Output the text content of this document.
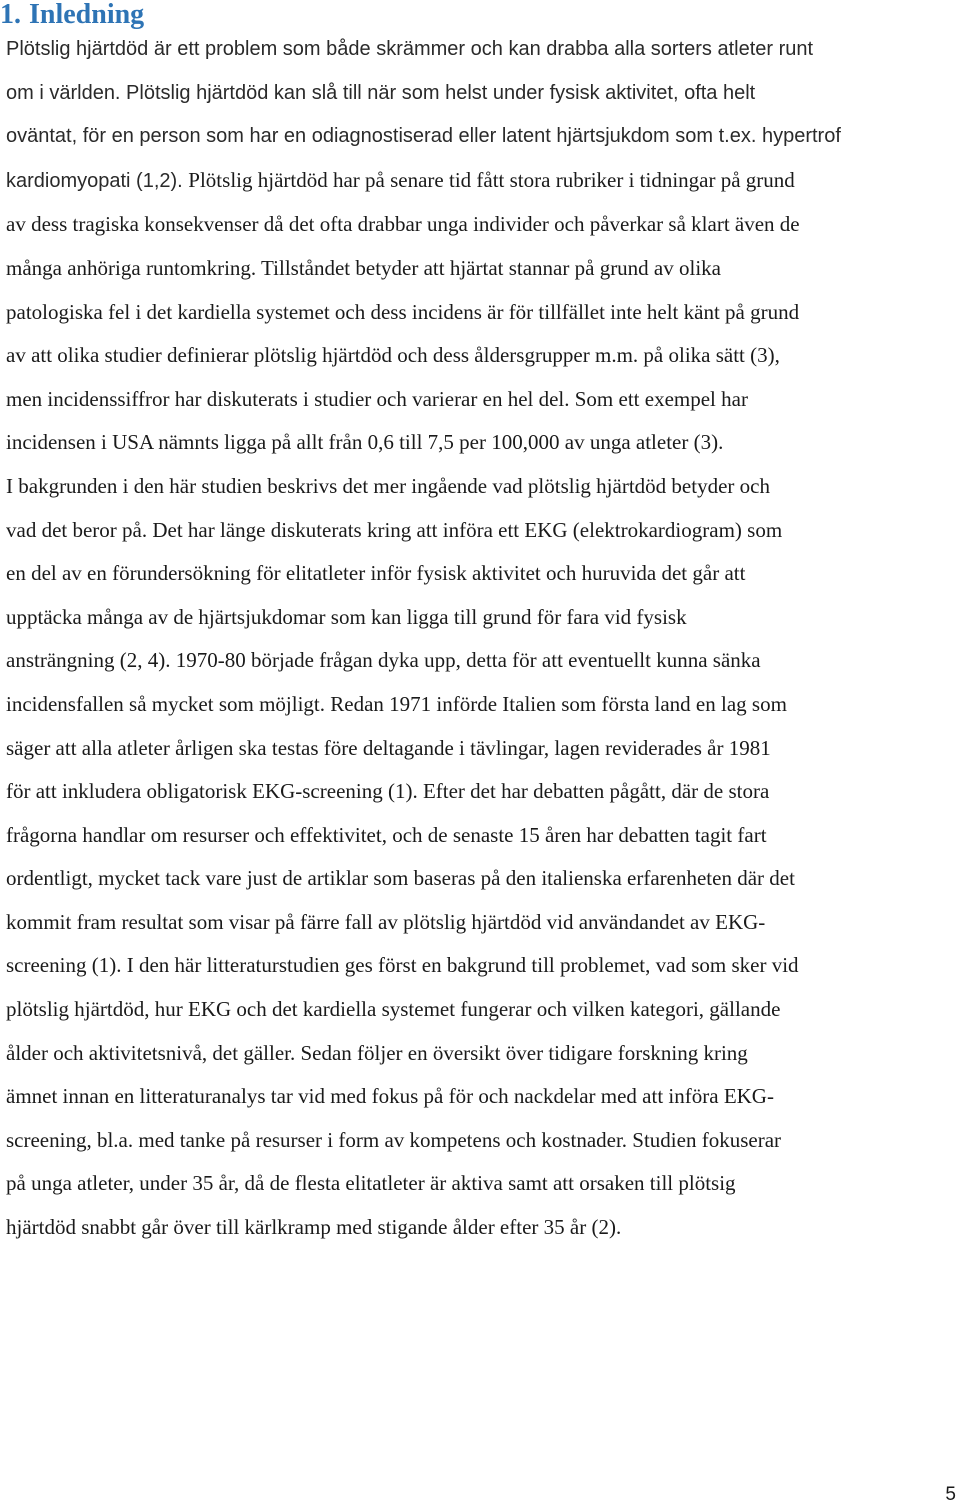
1. Inledning
Plötslig hjärtdöd är ett problem som både skrämmer och kan drabba alla sorters atleter runt
om i världen. Plötslig hjärtdöd kan slå till när som helst under fysisk aktivitet, ofta helt
oväntat, för en person som har en odiagnostiserad eller latent hjärtsjukdom som t.ex. hypertrof
kardiomyopati (1,2). Plötslig hjärtdöd har på senare tid fått stora rubriker i tidningar på grund
av dess tragiska konsekvenser då det ofta drabbar unga individer och påverkar så klart även de
många anhöriga runtomkring. Tillståndet betyder att hjärtat stannar på grund av olika
patologiska fel i det kardiella systemet och dess incidens är för tillfället inte helt känt på grund
av att olika studier definierar plötslig hjärtdöd och dess åldersgrupper m.m. på olika sätt (3),
men incidenssiffror har diskuterats i studier och varierar en hel del. Som ett exempel har
incidensen i USA nämnts ligga på allt från 0,6 till 7,5 per 100,000 av unga atleter (3).
I bakgrunden i den här studien beskrivs det mer ingående vad plötslig hjärtdöd betyder och
vad det beror på. Det har länge diskuterats kring att införa ett EKG (elektrokardiogram) som
en del av en förundersökning för elitatleter inför fysisk aktivitet och huruvida det går att
upptäcka många av de hjärtsjukdomar som kan ligga till grund för fara vid fysisk
ansträngning (2, 4). 1970-80 började frågan dyka upp, detta för att eventuellt kunna sänka
incidensfallen så mycket som möjligt. Redan 1971 införde Italien som första land en lag som
säger att alla atleter årligen ska testas före deltagande i tävlingar, lagen reviderades år 1981
för att inkludera obligatorisk EKG-screening (1). Efter det har debatten pågått, där de stora
frågorna handlar om resurser och effektivitet, och de senaste 15 åren har debatten tagit fart
ordentligt, mycket tack vare just de artiklar som baseras på den italienska erfarenheten där det
kommit fram resultat som visar på färre fall av plötslig hjärtdöd vid användandet av EKG-
screening (1). I den här litteraturstudien ges först en bakgrund till problemet, vad som sker vid
plötslig hjärtdöd, hur EKG och det kardiella systemet fungerar och vilken kategori, gällande
ålder och aktivitetsnivå, det gäller. Sedan följer en översikt över tidigare forskning kring
ämnet innan en litteraturanalys tar vid med fokus på för och nackdelar med att införa EKG-
screening, bl.a. med tanke på resurser i form av kompetens och kostnader. Studien fokuserar
på unga atleter, under 35 år, då de flesta elitatleter är aktiva samt att orsaken till plötsig
hjärtdöd snabbt går över till kärlkramp med stigande ålder efter 35 år (2).
5
